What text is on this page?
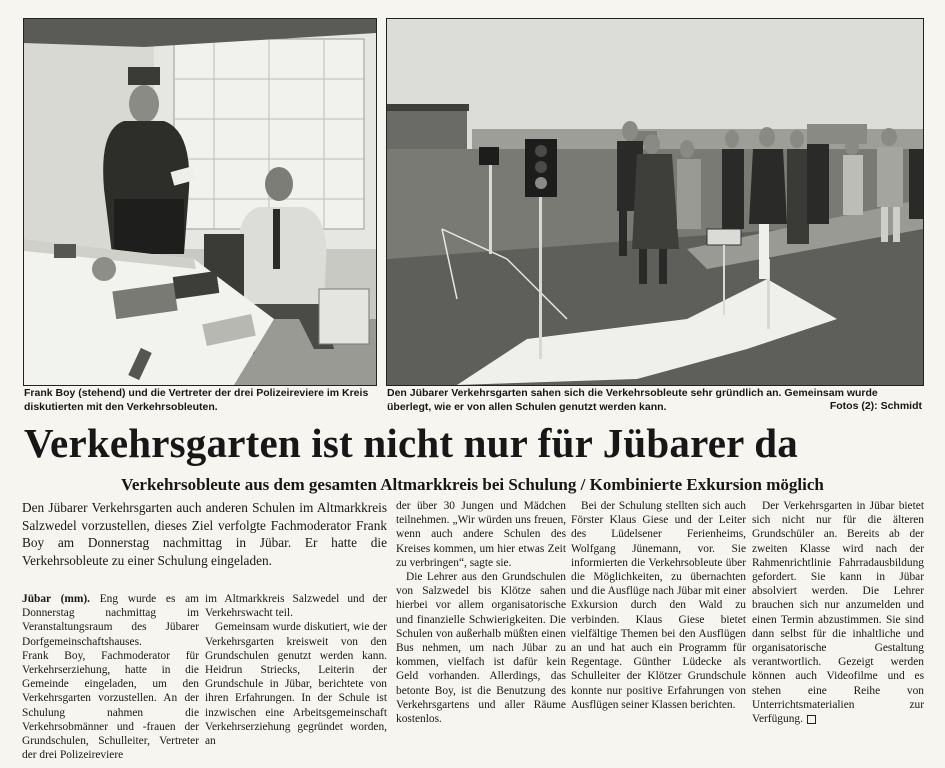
Frank Boy (stehend) und die Vertreter der drei Polizeireviere im Kreis diskutierten mit den Verkehrsobleuten.
Den Jübarer Verkehrsgarten sahen sich die Verkehrsobleute sehr gründlich an. Gemeinsam wurde überlegt, wie er von allen Schulen genutzt werden kann.	Fotos (2): Schmidt
Verkehrsgarten ist nicht nur für Jübarer da
Verkehrsobleute aus dem gesamten Altmarkkreis bei Schulung / Kombinierte Exkursion möglich
Den Jübarer Verkehrsgarten auch anderen Schulen im Altmarkkreis Salzwedel vorzustellen, dieses Ziel verfolgte Fachmoderator Frank Boy am Donnerstag nachmittag in Jübar. Er hatte die Verkehrsobleute zu einer Schulung eingeladen.

Jübar (mm). Eng wurde es am Donnerstag nachmittag im Veranstaltungsraum des Jübarer Dorfgemeinschaftshauses.

Frank Boy, Fachmoderator für Verkehrserziehung, hatte in die Gemeinde eingeladen, um den Verkehrsgarten vorzustellen. An der Schulung nahmen die Verkehrsobmänner und -frauen der Grundschulen, Schulleiter, Vertreter der drei Polizeireviere

im Altmarkkreis Salzwedel und der Verkehrswacht teil.

Gemeinsam wurde diskutiert, wie der Verkehrsgarten kreisweit von den Grundschulen genutzt werden kann. Heidrun Striecks, Leiterin der Grundschule in Jübar, berichtete von ihren Erfahrungen. In der Schule ist inzwischen eine Arbeitsgemeinschaft Verkehrserziehung gegründet worden, an

der über 30 Jungen und Mädchen teilnehmen. „Wir würden uns freuen, wenn auch andere Schulen des Kreises kommen, um hier etwas Zeit zu verbringen“, sagte sie.

Die Lehrer aus den Grundschulen von Salzwedel bis Klötze sahen hierbei vor allem organisatorische und finanzielle Schwierigkeiten. Die Schulen von außerhalb müßten einen Bus nehmen, um nach Jübar zu kommen, vielfach ist dafür kein Geld vorhanden. Allerdings, das betonte Boy, ist die Benutzung des Verkehrsgartens und aller Räume kostenlos.

Bei der Schulung stellten sich auch Förster Klaus Giese und der Leiter des Lüdelsener Ferienheims, Wolfgang Jünemann, vor. Sie informierten die Verkehrsobleute über die Möglichkeiten, zu übernachten und die Ausflüge nach Jübar mit einer Exkursion durch den Wald zu verbinden. Klaus Giese bietet vielfältige Themen bei den Ausflügen an und hat auch ein Programm für Regentage. Günther Lüdecke als Schulleiter der Klötzer Grundschule konnte nur positive Erfahrungen von Ausflügen seiner Klassen berichten.

Der Verkehrsgarten in Jübar bietet sich nicht nur für die älteren Grundschüler an. Bereits ab der zweiten Klasse wird nach der Rahmenrichtlinie Fahrradausbildung gefordert. Sie kann in Jübar absolviert werden. Die Lehrer brauchen sich nur anzumelden und einen Termin abzustimmen. Sie sind dann selbst für die inhaltliche und organisatorische Gestaltung verantwortlich. Gezeigt werden können auch Videofilme und es stehen eine Reihe von Unterrichtsmaterialien zur Verfügung.
